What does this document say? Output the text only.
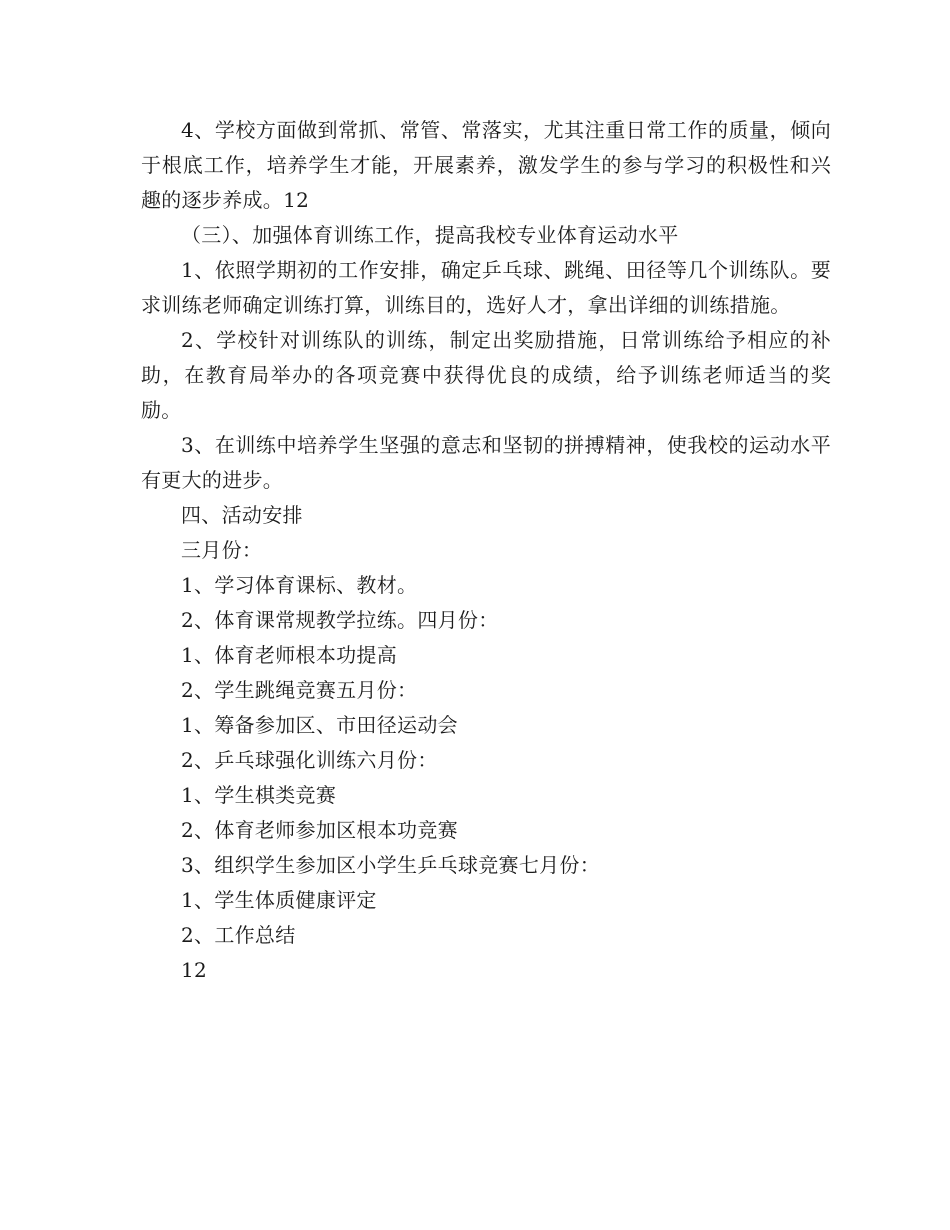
4、学校方面做到常抓、常管、常落实，尤其注重日常工作的质量，倾向于根底工作，培养学生才能，开展素养，激发学生的参与学习的积极性和兴趣的逐步养成。12

（三）、加强体育训练工作，提高我校专业体育运动水平

1、依照学期初的工作安排，确定乒乓球、跳绳、田径等几个训练队。要求训练老师确定训练打算，训练目的，选好人才，拿出详细的训练措施。

2、学校针对训练队的训练，制定出奖励措施，日常训练给予相应的补助，在教育局举办的各项竞赛中获得优良的成绩，给予训练老师适当的奖励。

3、在训练中培养学生坚强的意志和坚韧的拼搏精神，使我校的运动水平有更大的进步。

四、活动安排

三月份：

1、学习体育课标、教材。

2、体育课常规教学拉练。四月份：

1、体育老师根本功提高

2、学生跳绳竞赛五月份：

1、筹备参加区、市田径运动会

2、乒乓球强化训练六月份：

1、学生棋类竞赛

2、体育老师参加区根本功竞赛

3、组织学生参加区小学生乒乓球竞赛七月份：

1、学生体质健康评定

2、工作总结

12
